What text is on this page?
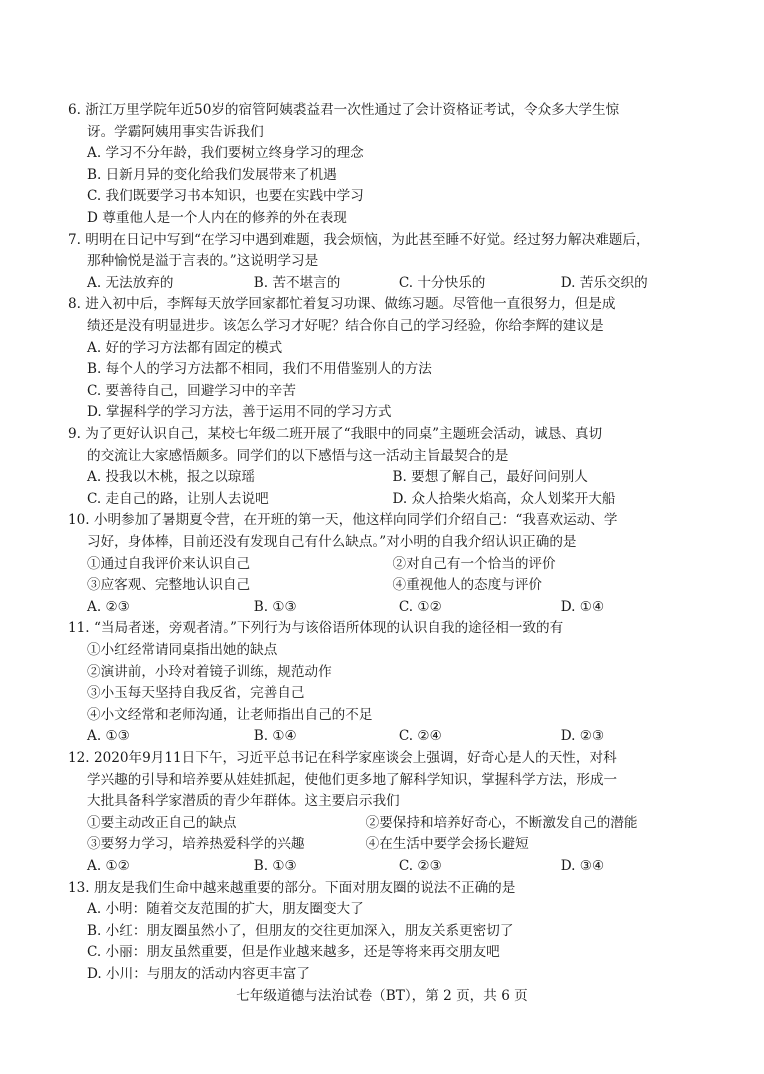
6. 浙江万里学院年近50岁的宿管阿姨裘益君一次性通过了会计资格证考试，令众多大学生惊
讶。学霸阿姨用事实告诉我们
A. 学习不分年龄，我们要树立终身学习的理念
B. 日新月异的变化给我们发展带来了机遇
C. 我们既要学习书本知识，也要在实践中学习
D 尊重他人是一个人内在的修养的外在表现
7. 明明在日记中写到“在学习中遇到难题，我会烦恼，为此甚至睡不好觉。经过努力解决难题后，
那种愉悦是溢于言表的。”这说明学习是
A. 无法放弃的	B. 苦不堪言的	C. 十分快乐的	D. 苦乐交织的
8. 进入初中后，李辉每天放学回家都忙着复习功课、做练习题。尽管他一直很努力，但是成
绩还是没有明显进步。该怎么学习才好呢？结合你自己的学习经验，你给李辉的建议是
A. 好的学习方法都有固定的模式
B. 每个人的学习方法都不相同，我们不用借鉴别人的方法
C. 要善待自己，回避学习中的辛苦
D. 掌握科学的学习方法，善于运用不同的学习方式
9. 为了更好认识自己，某校七年级二班开展了“我眼中的同桌”主题班会活动，诚恳、真切
的交流让大家感悟颇多。同学们的以下感悟与这一活动主旨最契合的是
A. 投我以木桃，报之以琼瑶	B. 要想了解自己，最好问问别人
C. 走自己的路，让别人去说吧	D. 众人拾柴火焰高，众人划桨开大船
10. 小明参加了暑期夏令营，在开班的第一天，他这样向同学们介绍自己：“我喜欢运动、学
习好，身体棒，目前还没有发现自己有什么缺点。”对小明的自我介绍认识正确的是
①通过自我评价来认识自己	②对自己有一个恰当的评价
③应客观、完整地认识自己	④重视他人的态度与评价
A. ②③	B. ①③	C. ①②	D. ①④
11. “当局者迷，旁观者清。”下列行为与该俗语所体现的认识自我的途径相一致的有
①小红经常请同桌指出她的缺点
②演讲前，小玲对着镜子训练，规范动作
③小玉每天坚持自我反省，完善自己
④小文经常和老师沟通，让老师指出自己的不足
A. ①③	B. ①④	C. ②④	D. ②③
12. 2020年9月11日下午，习近平总书记在科学家座谈会上强调，好奇心是人的天性，对科
学兴趣的引导和培养要从娃娃抓起，使他们更多地了解科学知识，掌握科学方法，形成一
大批具备科学家潜质的青少年群体。这主要启示我们
①要主动改正自己的缺点	②要保持和培养好奇心，不断激发自己的潜能
③要努力学习，培养热爱科学的兴趣	④在生活中要学会扬长避短
A. ①②	B. ①③	C. ②③	D. ③④
13. 朋友是我们生命中越来越重要的部分。下面对朋友圈的说法不正确的是
A. 小明：随着交友范围的扩大，朋友圈变大了
B. 小红：朋友圈虽然小了，但朋友的交往更加深入，朋友关系更密切了
C. 小丽：朋友虽然重要，但是作业越来越多，还是等将来再交朋友吧
D. 小川：与朋友的活动内容更丰富了
七年级道德与法治试卷（BT），第 2 页，共 6 页
